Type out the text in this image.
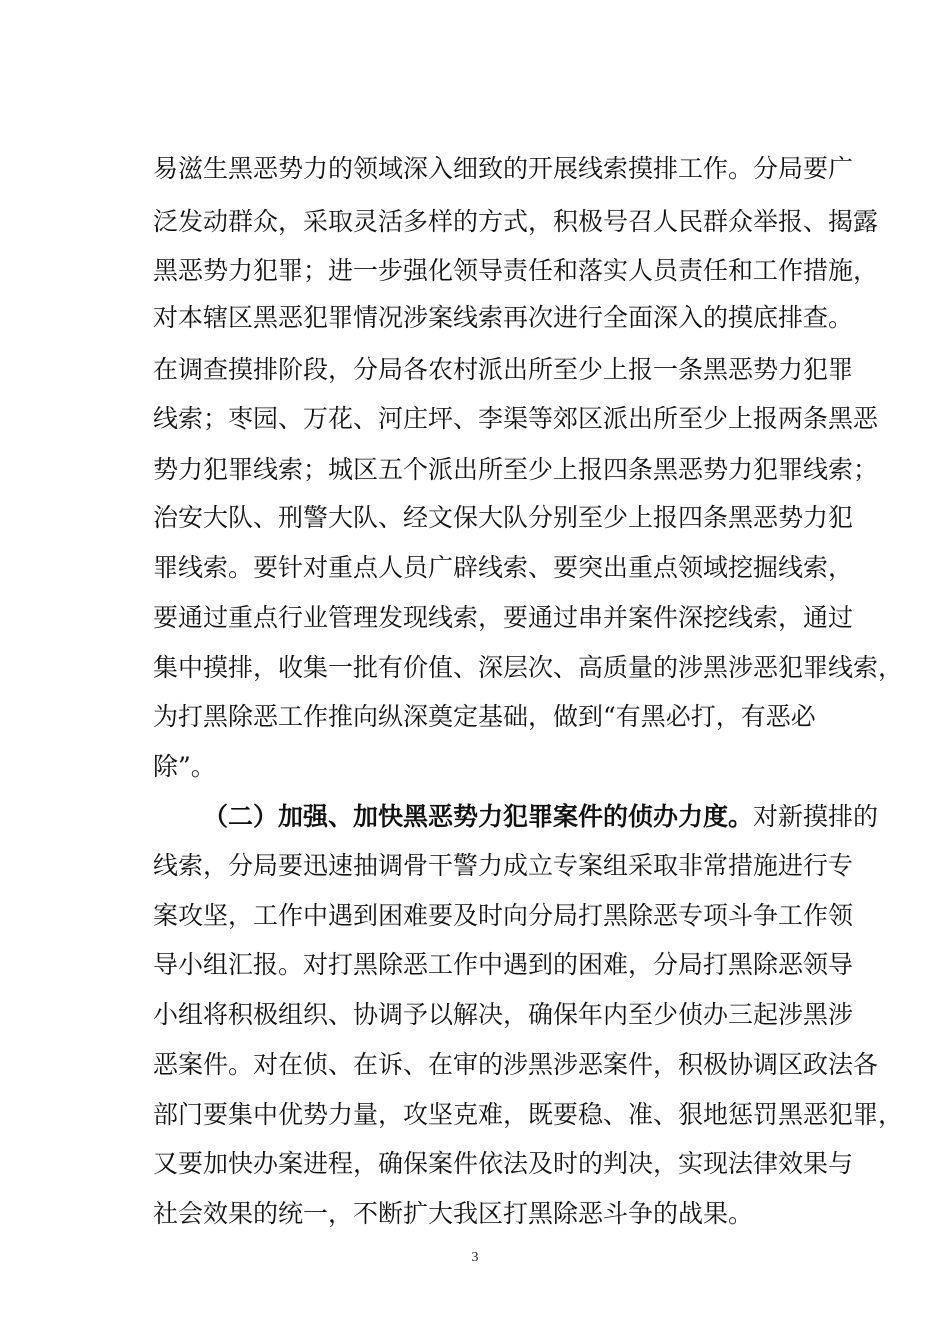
易滋生黑恶势力的领域深入细致的开展线索摸排工作。分局要广
泛发动群众，采取灵活多样的方式，积极号召人民群众举报、揭露
黑恶势力犯罪；进一步强化领导责任和落实人员责任和工作措施，
对本辖区黑恶犯罪情况涉案线索再次进行全面深入的摸底排查。
在调查摸排阶段，分局各农村派出所至少上报一条黑恶势力犯罪
线索；枣园、万花、河庄坪、李渠等郊区派出所至少上报两条黑恶
势力犯罪线索；城区五个派出所至少上报四条黑恶势力犯罪线索；
治安大队、刑警大队、经文保大队分别至少上报四条黑恶势力犯
罪线索。要针对重点人员广辟线索、要突出重点领域挖掘线索，
要通过重点行业管理发现线索，要通过串并案件深挖线索，通过
集中摸排，收集一批有价值、深层次、高质量的涉黑涉恶犯罪线索，
为打黑除恶工作推向纵深奠定基础，做到“有黑必打，有恶必
除”。
（二）加强、加快黑恶势力犯罪案件的侦办力度。对新摸排的
线索，分局要迅速抽调骨干警力成立专案组采取非常措施进行专
案攻坚，工作中遇到困难要及时向分局打黑除恶专项斗争工作领
导小组汇报。对打黑除恶工作中遇到的困难，分局打黑除恶领导
小组将积极组织、协调予以解决，确保年内至少侦办三起涉黑涉
恶案件。对在侦、在诉、在审的涉黑涉恶案件，积极协调区政法各
部门要集中优势力量，攻坚克难，既要稳、准、狠地惩罚黑恶犯罪，
又要加快办案进程，确保案件依法及时的判决，实现法律效果与
社会效果的统一，不断扩大我区打黑除恶斗争的战果。
3
